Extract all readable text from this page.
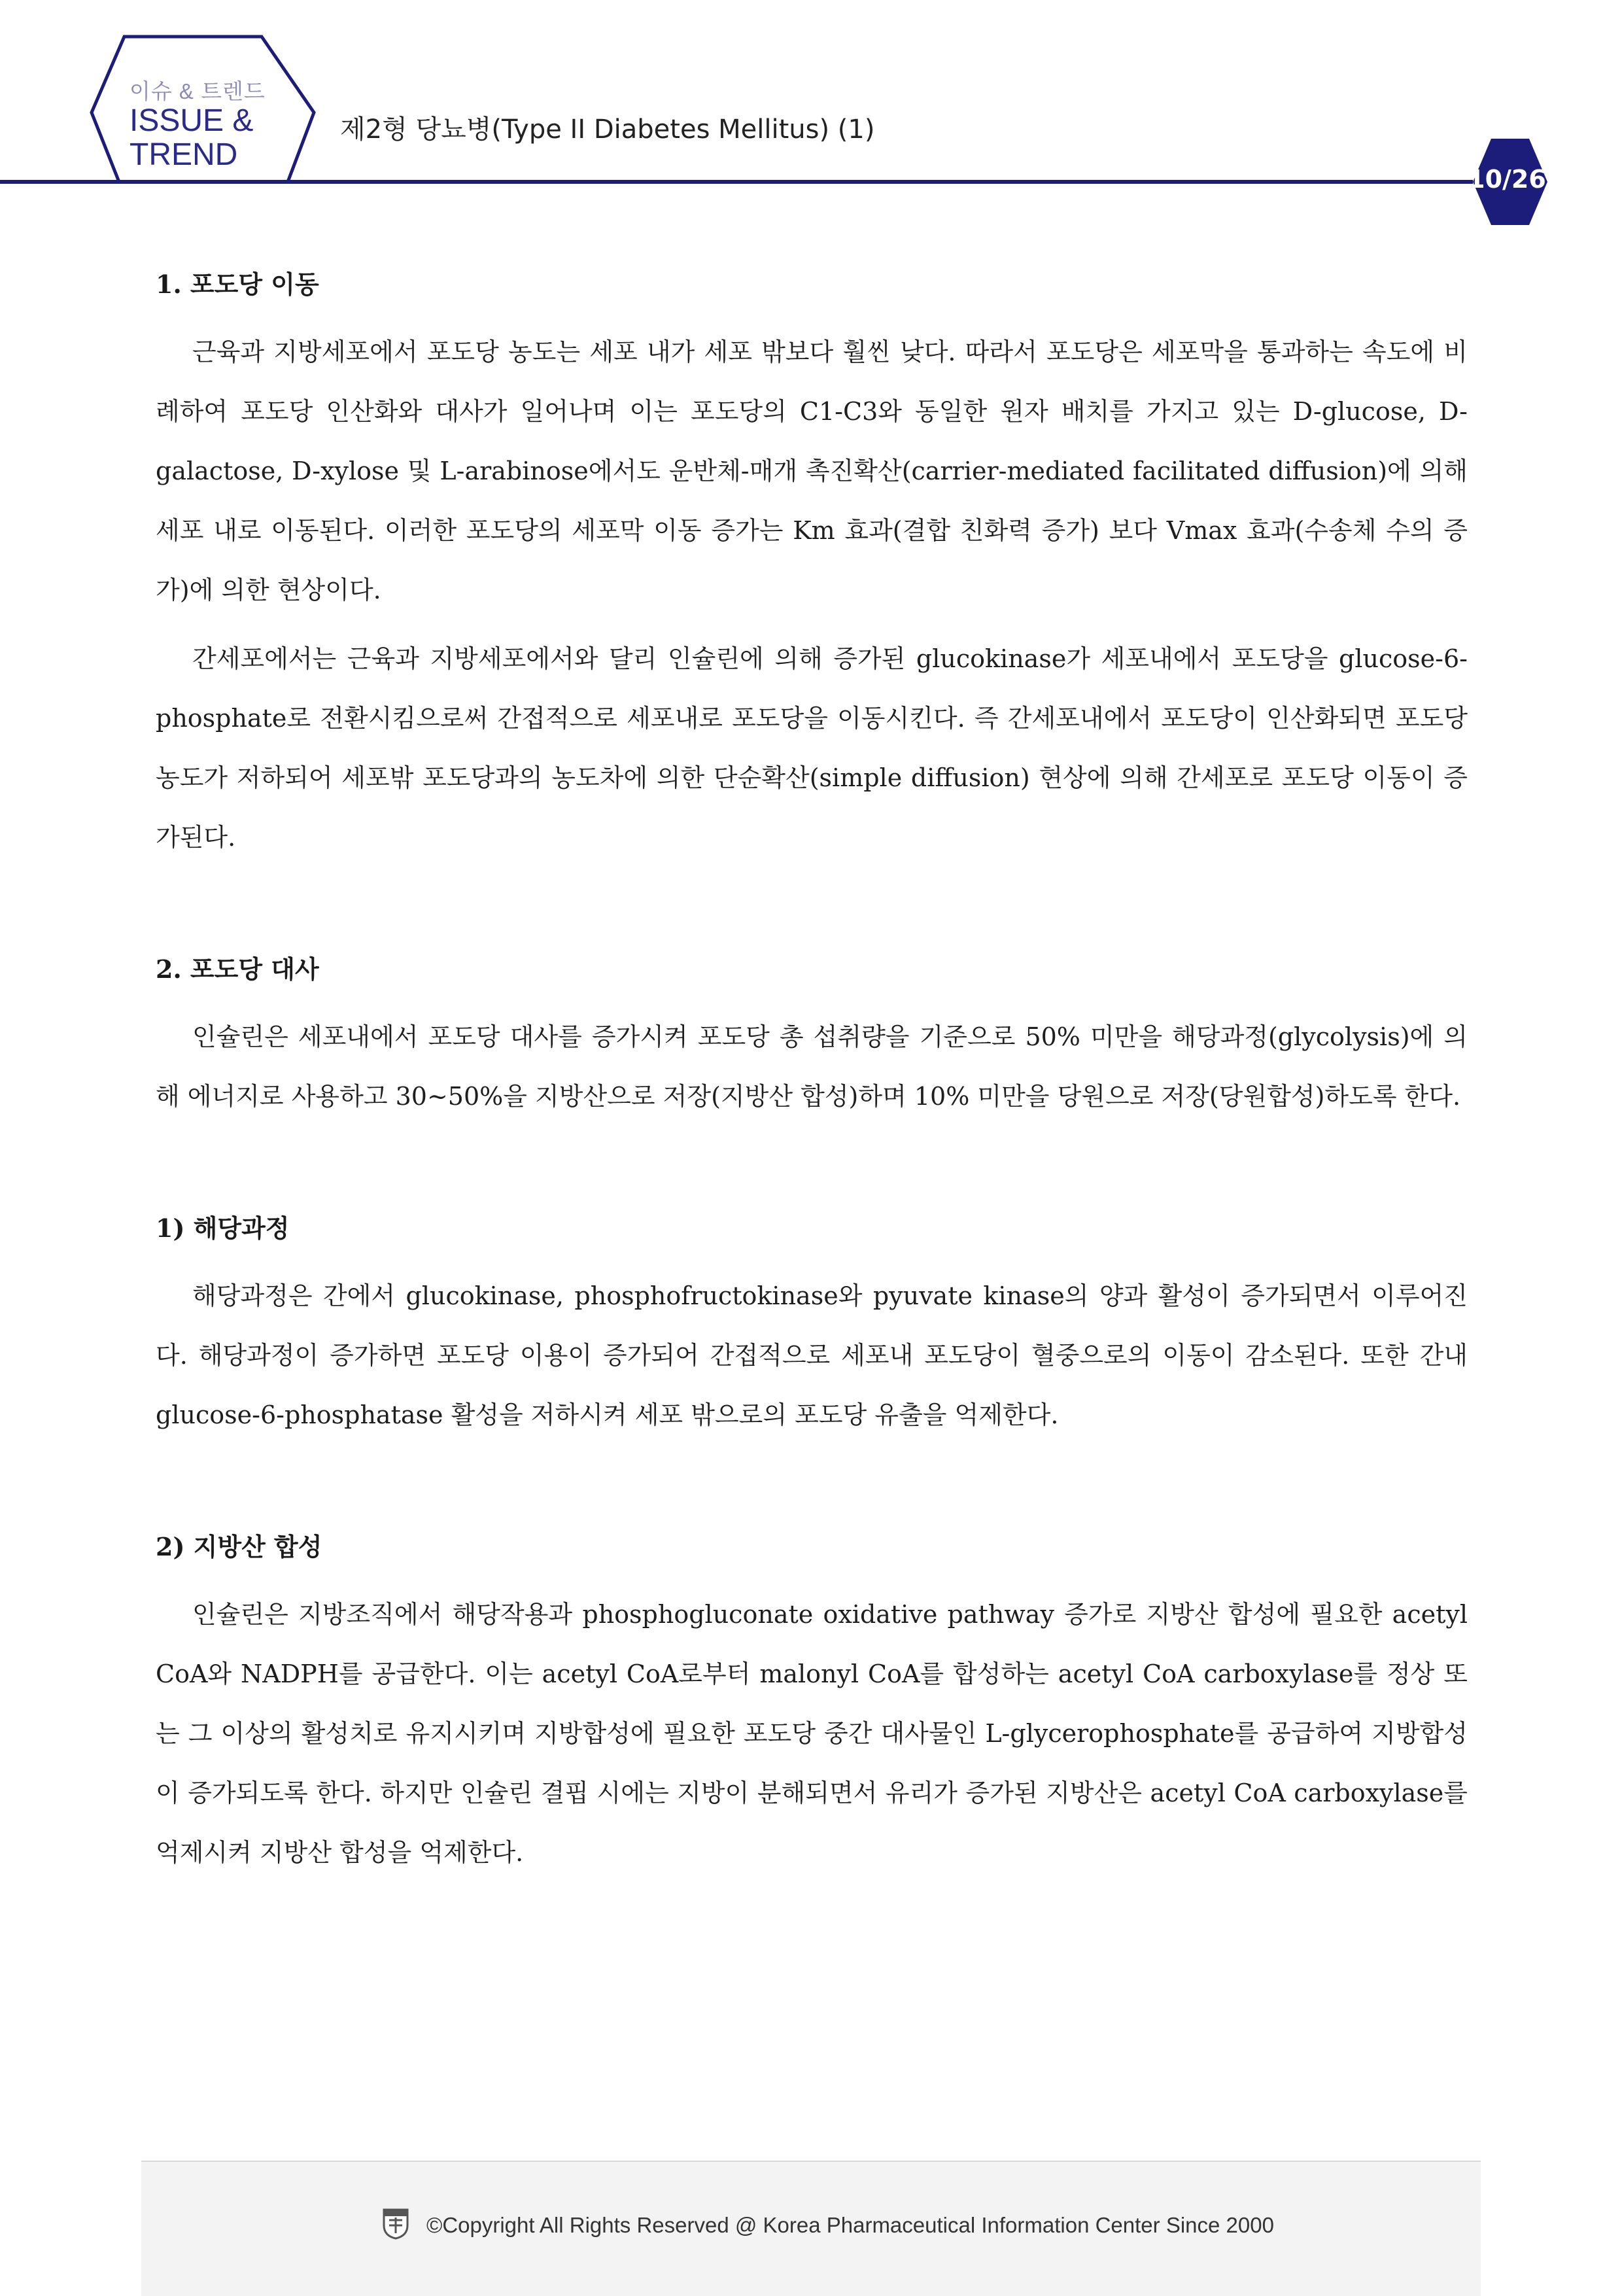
이슈 & 트렌드
ISSUE &
TREND
제2형 당뇨병(Type II Diabetes Mellitus) (1)
10/26
1. 포도당 이동

근육과 지방세포에서 포도당 농도는 세포 내가 세포 밖보다 훨씬 낮다. 따라서 포도당은 세포막을 통과하는 속도에 비례하여 포도당 인산화와 대사가 일어나며 이는 포도당의 C1-C3와 동일한 원자 배치를 가지고 있는 D-glucose, D-galactose, D-xylose 및 L-arabinose에서도 운반체-매개 촉진확산(carrier-mediated facilitated diffusion)에 의해 세포 내로 이동된다. 이러한 포도당의 세포막 이동 증가는 Km 효과(결합 친화력 증가) 보다 Vmax 효과(수송체 수의 증가)에 의한 현상이다.

간세포에서는 근육과 지방세포에서와 달리 인슐린에 의해 증가된 glucokinase가 세포내에서 포도당을 glucose-6-phosphate로 전환시킴으로써 간접적으로 세포내로 포도당을 이동시킨다. 즉 간세포내에서 포도당이 인산화되면 포도당 농도가 저하되어 세포밖 포도당과의 농도차에 의한 단순확산(simple diffusion) 현상에 의해 간세포로 포도당 이동이 증가된다.

2. 포도당 대사

인슐린은 세포내에서 포도당 대사를 증가시켜 포도당 총 섭취량을 기준으로 50% 미만을 해당과정(glycolysis)에 의해 에너지로 사용하고 30~50%을 지방산으로 저장(지방산 합성)하며 10% 미만을 당원으로 저장(당원합성)하도록 한다.

1) 해당과정

해당과정은 간에서 glucokinase, phosphofructokinase와 pyuvate kinase의 양과 활성이 증가되면서 이루어진다. 해당과정이 증가하면 포도당 이용이 증가되어 간접적으로 세포내 포도당이 혈중으로의 이동이 감소된다. 또한 간내 glucose-6-phosphatase 활성을 저하시켜 세포 밖으로의 포도당 유출을 억제한다.

2) 지방산 합성

인슐린은 지방조직에서 해당작용과 phosphogluconate oxidative pathway 증가로 지방산 합성에 필요한 acetyl CoA와 NADPH를 공급한다. 이는 acetyl CoA로부터 malonyl CoA를 합성하는 acetyl CoA carboxylase를 정상 또는 그 이상의 활성치로 유지시키며 지방합성에 필요한 포도당 중간 대사물인 L-glycerophosphate를 공급하여 지방합성이 증가되도록 한다. 하지만 인슐린 결핍 시에는 지방이 분해되면서 유리가 증가된 지방산은 acetyl CoA carboxylase를 억제시켜 지방산 합성을 억제한다.

©Copyright All Rights Reserved @ Korea Pharmaceutical Information Center Since 2000
